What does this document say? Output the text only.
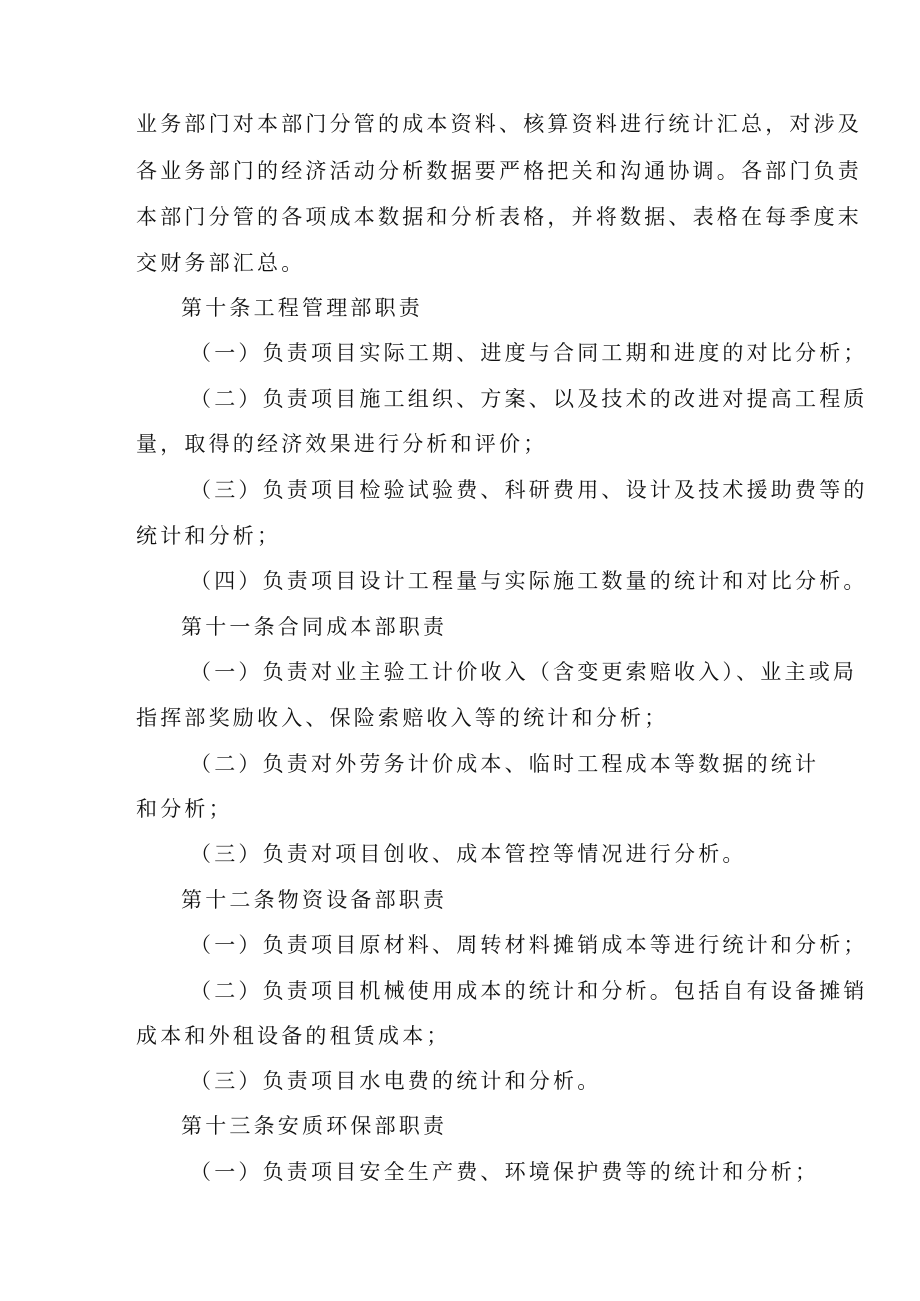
业务部门对本部门分管的成本资料、核算资料进行统计汇总，对涉及
各业务部门的经济活动分析数据要严格把关和沟通协调。各部门负责
本部门分管的各项成本数据和分析表格，并将数据、表格在每季度末
交财务部汇总。
第十条工程管理部职责
（一）负责项目实际工期、进度与合同工期和进度的对比分析；
（二）负责项目施工组织、方案、以及技术的改进对提高工程质
量，取得的经济效果进行分析和评价；
（三）负责项目检验试验费、科研费用、设计及技术援助费等的
统计和分析；
（四）负责项目设计工程量与实际施工数量的统计和对比分析。
第十一条合同成本部职责
（一）负责对业主验工计价收入（含变更索赔收入）、业主或局
指挥部奖励收入、保险索赔收入等的统计和分析；
（二）负责对外劳务计价成本、临时工程成本等数据的统计
和分析；
（三）负责对项目创收、成本管控等情况进行分析。
第十二条物资设备部职责
（一）负责项目原材料、周转材料摊销成本等进行统计和分析；
（二）负责项目机械使用成本的统计和分析。包括自有设备摊销
成本和外租设备的租赁成本；
（三）负责项目水电费的统计和分析。
第十三条安质环保部职责
（一）负责项目安全生产费、环境保护费等的统计和分析；
